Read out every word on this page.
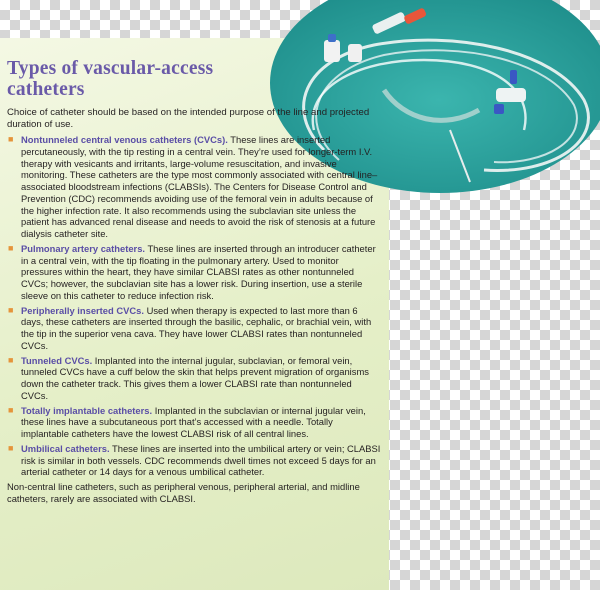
Types of vascular-access catheters

Choice of catheter should be based on the intended purpose of the line and projected duration of use.

■ Nontunneled central venous catheters (CVCs). These lines are inserted percutaneously, with the tip resting in a central vein. They’re used for longer-term I.V. therapy with vesicants and irritants, large-volume resuscitation, and invasive monitoring. These catheters are the type most commonly associated with central line–associated bloodstream infections (CLABSIs). The Centers for Disease Control and Prevention (CDC) recommends avoiding use of the femoral vein in adults because of the higher infection rate. It also recommends using the subclavian site unless the patient has advanced renal disease and needs to avoid the risk of stenosis at a future dialysis catheter site.
■ Pulmonary artery catheters. These lines are inserted through an introducer catheter in a central vein, with the tip floating in the pulmonary artery. Used to monitor pressures within the heart, they have similar CLABSI rates as other nontunneled CVCs; however, the subclavian site has a lower risk. During insertion, use a sterile sleeve on this catheter to reduce infection risk.
■ Peripherally inserted CVCs. Used when therapy is expected to last more than 6 days, these catheters are inserted through the basilic, cephalic, or brachial vein, with the tip in the superior vena cava. They have lower CLABSI rates than nontunneled CVCs.
■ Tunneled CVCs. Implanted into the internal jugular, subclavian, or femoral vein, tunneled CVCs have a cuff below the skin that helps prevent migration of organisms down the catheter track. This gives them a lower CLABSI rate than nontunneled CVCs.
■ Totally implantable catheters. Implanted in the subclavian or internal jugular vein, these lines have a subcutaneous port that’s accessed with a needle. Totally implantable catheters have the lowest CLABSI risk of all central lines.
■ Umbilical catheters. These lines are inserted into the umbilical artery or vein; CLABSI risk is similar in both vessels. CDC recommends dwell times not exceed 5 days for an arterial catheter or 14 days for a venous umbilical catheter.

Non-central line catheters, such as peripheral venous, peripheral arterial, and midline catheters, rarely are associated with CLABSI.
